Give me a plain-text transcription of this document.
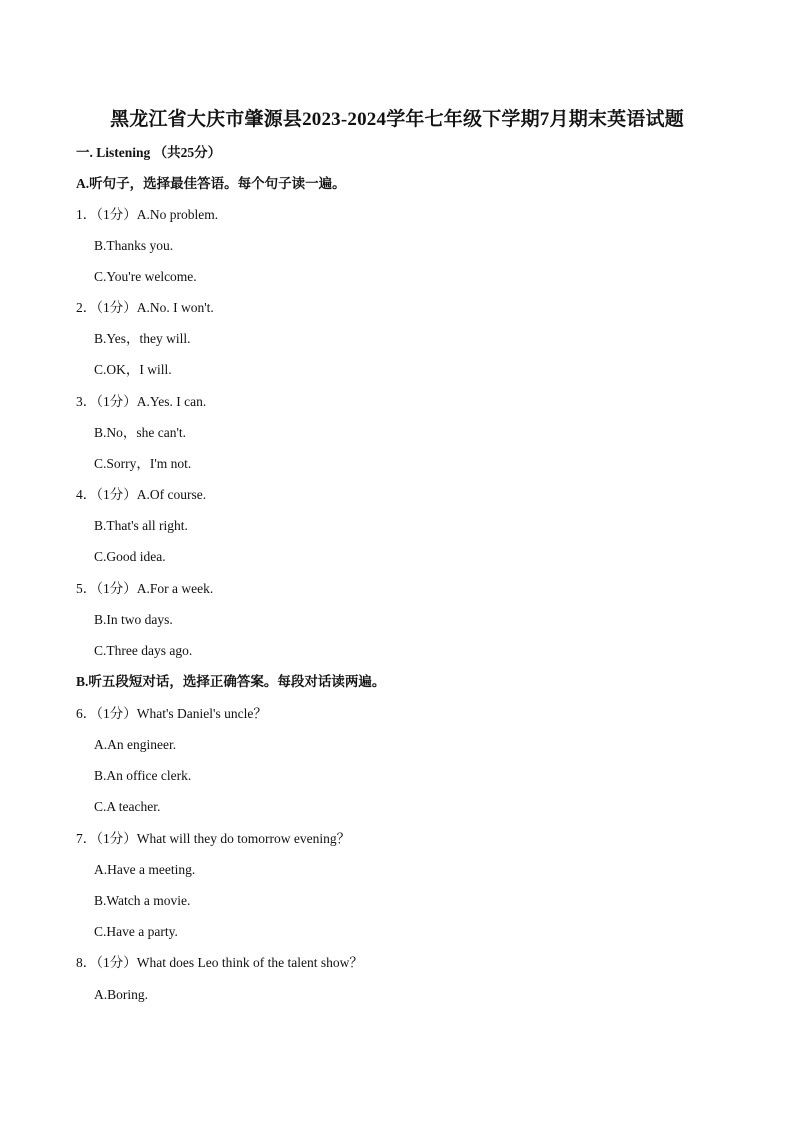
黑龙江省大庆市肇源县2023-2024学年七年级下学期7月期末英语试题
一. Listening （共25分）
A.听句子，选择最佳答语。每个句子读一遍。
1．（1分）A.No problem.
B.Thanks you.
C.You're welcome.
2．（1分）A.No. I won't.
B.Yes，they will.
C.OK，I will.
3．（1分）A.Yes. I can.
B.No，she can't.
C.Sorry，I'm not.
4．（1分）A.Of course.
B.That's all right.
C.Good idea.
5．（1分）A.For a week.
B.In two days.
C.Three days ago.
B.听五段短对话，选择正确答案。每段对话读两遍。
6．（1分）What's Daniel's uncle？
A.An engineer.
B.An office clerk.
C.A teacher.
7．（1分）What will they do tomorrow evening？
A.Have a meeting.
B.Watch a movie.
C.Have a party.
8．（1分）What does Leo think of the talent show？
A.Boring.
